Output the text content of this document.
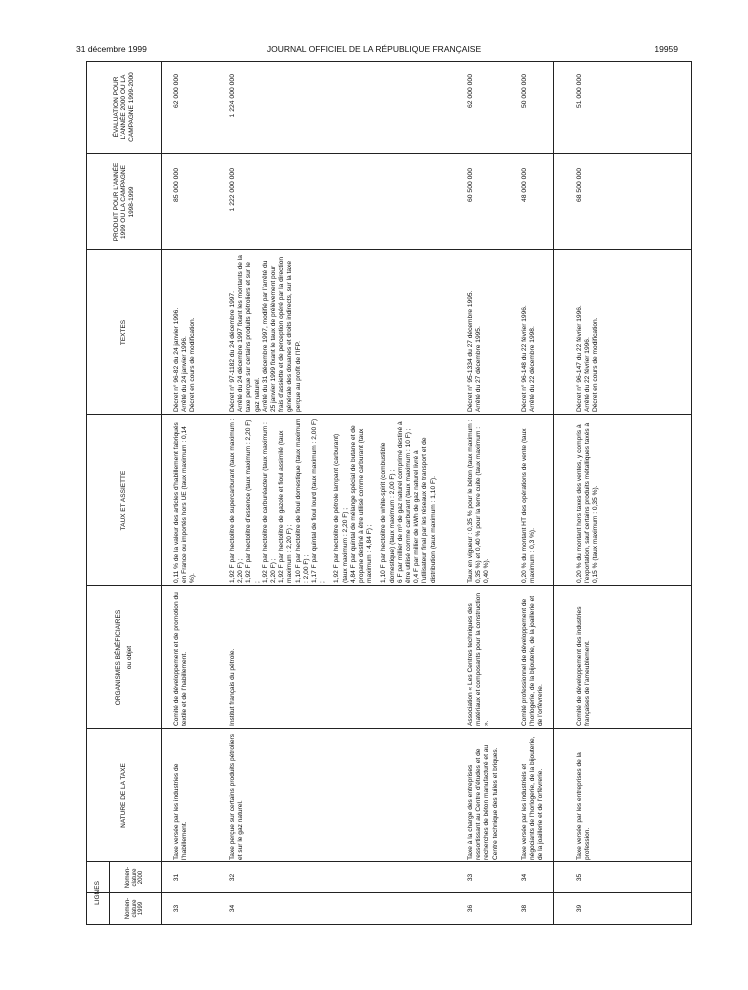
31 décembre 1999	JOURNAL OFFICIEL DE LA RÉPUBLIQUE FRANÇAISE	19959
LIGNES
Nomen- clature 1999
Nomen- clature 2000
NATURE DE LA TAXE
ORGANISMES BÉNÉFICIAIRES ou objet
TAUX ET ASSIETTE
TEXTES
PRODUIT POUR L’ANNÉE 1999 OU LA CAMPAGNE 1998-1999
ÉVALUATION POUR L’ANNÉE 2000 OU LA CAMPAGNE 1999-2000
33
31
Taxe versée par les industries de l’habillement.
Comité de développement et de promotion du textile et de l’habillement.

0,11 % de la valeur des articles d’habillement fabriqués en France ou importés hors UE (taux maximum : 0,14 %).

Décret n° 96-82 du 24 janvier 1996. Arrêté du 24 janvier 1996. Décret en cours de modification.

85 000 000
62 000 000
34
32
Taxe perçue sur certains produits pétroliers et sur le gaz naturel.
Institut français du pétrole.

1,92 F par hectolitre de supercarburant (taux maximum : 2,20 F) ; 1,92 F par hectolitre d’essence (taux maximum : 2,20 F) ; 1,92 F par hectolitre de carburéacteur (taux maximum : 2,20 F) ; 1,92 F par hectolitre de gazole et fioul assimilé (taux maximum : 2,20 F) ; 1,10 F par hectolitre de fioul domestique (taux maximum : 2,00 F) ; 1,17 F par quintal de fioul lourd (taux maximum : 2,00 F) ; 1,92 F par hectolitre de pétrole lampant (carburant) (taux maximum : 2,20 F) ; 4,84 F par quintal de mélange spécial de butane et de propane destiné à être utilisé comme carburant (taux maximum : 4,84 F) ; 1,10 F par hectolitre de white-spirit (combustible domestique) (taux maximum : 2,00 F) ; 6 F par millier de m³ de gaz naturel comprimé destiné à être utilisé comme carburant (taux maximum : 10 F) ; 0,4 F par millier de kWh de gaz naturel livré à l’utilisateur final par les réseaux de transport et de distribution (taux maximum : 1,10 F).

Décret n° 97-1182 du 24 décembre 1997. Arrêté du 24 décembre 1997 fixant les montants de la taxe perçue sur certains produits pétroliers et sur le gaz naturel. Arrêté du 31 décembre 1997, modifié par l’arrêté du 25 janvier 1999 fixant le taux de prélèvement pour frais d’assiette et de perception opéré par la direction générale des douanes et droits indirects, sur la taxe perçue au profit de l’IFP.

1 222 000 000
1 224 000 000
36
33
Taxe à la charge des entreprises ressortissant au Centre d’études et de recherches de béton manufacturé et au Centre technique des tuiles et briques.
Association « Les Centres techniques des matériaux et composants pour la construction ».

Taux en vigueur : 0,35 % pour le béton (taux maximum : 0,35 %) et 0,40 % pour la terre cuite (taux maximum : 0,40 %).

Décret n° 95-1334 du 27 décembre 1995. Arrêté du 27 décembre 1995.

60 500 000
62 000 000
38
34
Taxe versée par les industriels et négociants de l’horlogerie, de la bijouterie, de la joaillerie et de l’orfèvrerie.
Comité professionnel de développement de l’horlogerie, de la bijouterie, de la joaillerie et de l’orfèvrerie.

0,20 % du montant HT des opérations de vente (taux maximum : 0,3 %).

Décret n° 96-148 du 22 février 1996. Arrêté du 22 décembre 1998.

48 000 000
50 000 000
39
35
Taxe versée par les entreprises de la profession.
Comité de développement des industries françaises de l’ameublement.

0,20 % du montant hors taxes des ventes, y compris à l’exportation, sauf certains produits métalliques taxés à 0,15 % (taux maximum : 0,35 %).

Décret n° 96-147 du 22 février 1996. Arrêté du 22 février 1996. Décret en cours de modification.

68 500 000
51 000 000
